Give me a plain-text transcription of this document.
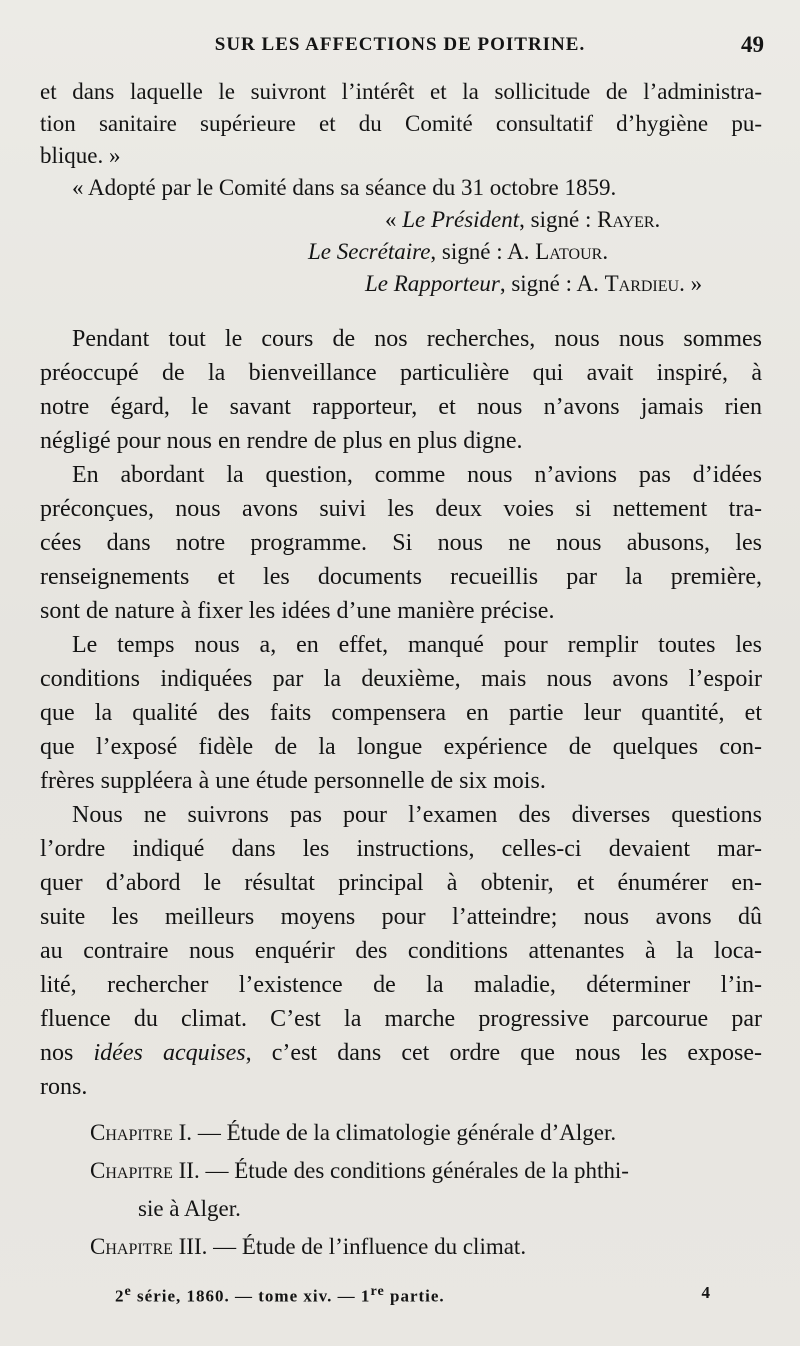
SUR LES AFFECTIONS DE POITRINE.	49
et dans laquelle le suivront l’intérêt et la sollicitude de l’administra-
tion sanitaire supérieure et du Comité consultatif d’hygiène pu-
blique. »
« Adopté par le Comité dans sa séance du 31 octobre 1859.
« Le Président, signé : Rayer.
Le Secrétaire, signé : A. Latour.
Le Rapporteur, signé : A. Tardieu. »
Pendant tout le cours de nos recherches, nous nous sommes
préoccupé de la bienveillance particulière qui avait inspiré, à
notre égard, le savant rapporteur, et nous n’avons jamais rien
négligé pour nous en rendre de plus en plus digne.
En abordant la question, comme nous n’avions pas d’idées
préconçues, nous avons suivi les deux voies si nettement tra-
cées dans notre programme. Si nous ne nous abusons, les
renseignements et les documents recueillis par la première,
sont de nature à fixer les idées d’une manière précise.
Le temps nous a, en effet, manqué pour remplir toutes les
conditions indiquées par la deuxième, mais nous avons l’espoir
que la qualité des faits compensera en partie leur quantité, et
que l’exposé fidèle de la longue expérience de quelques con-
frères suppléera à une étude personnelle de six mois.
Nous ne suivrons pas pour l’examen des diverses questions
l’ordre indiqué dans les instructions, celles-ci devaient mar-
quer d’abord le résultat principal à obtenir, et énumérer en-
suite les meilleurs moyens pour l’atteindre; nous avons dû
au contraire nous enquérir des conditions attenantes à la loca-
lité, rechercher l’existence de la maladie, déterminer l’in-
fluence du climat. C’est la marche progressive parcourue par
nos idées acquises, c’est dans cet ordre que nous les expose-
rons.
Chapitre I. — Étude de la climatologie générale d’Alger.
Chapitre II. — Étude des conditions générales de la phthi-
sie à Alger.
Chapitre III. — Étude de l’influence du climat.
2e série, 1860. — tome xiv. — 1re partie.	4
